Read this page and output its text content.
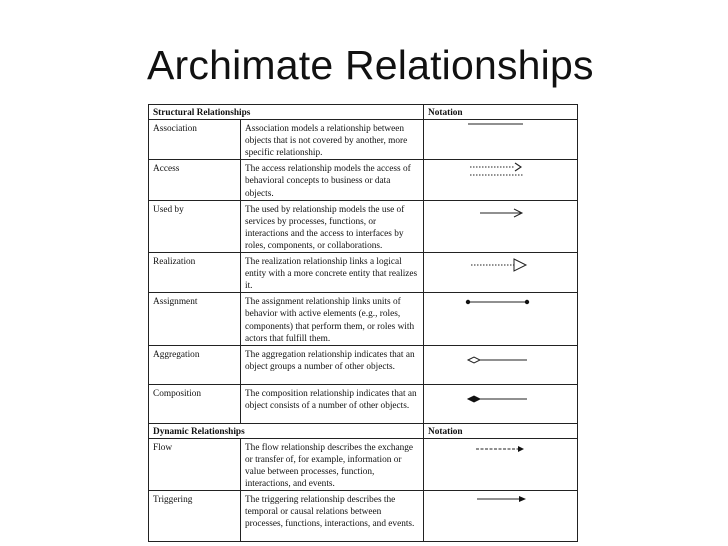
Archimate Relationships
Structural Relationships		Notation
Association	Association models a relationship between objects that is not covered by another, more specific relationship.	

Access	The access relationship models the access of behavioral concepts to business or data objects.	

Used by	The used by relationship models the use of services by processes, functions, or interactions and the access to interfaces by roles, components, or collaborations.	

Realization	The realization relationship links a logical entity with a more concrete entity that realizes it.	

Assignment	The assignment relationship links units of behavior with active elements (e.g., roles, components) that perform them, or roles with actors that fulfill them.	

Aggregation	The aggregation relationship indicates that an object groups a number of other objects.	

Composition	The composition relationship indicates that an object consists of a number of other objects.	

Dynamic Relationships		Notation
Flow	The flow relationship describes the exchange or transfer of, for example, information or value between processes, function, interactions, and events.	

Triggering	The triggering relationship describes the temporal or causal relations between processes, functions, interactions, and events.	
